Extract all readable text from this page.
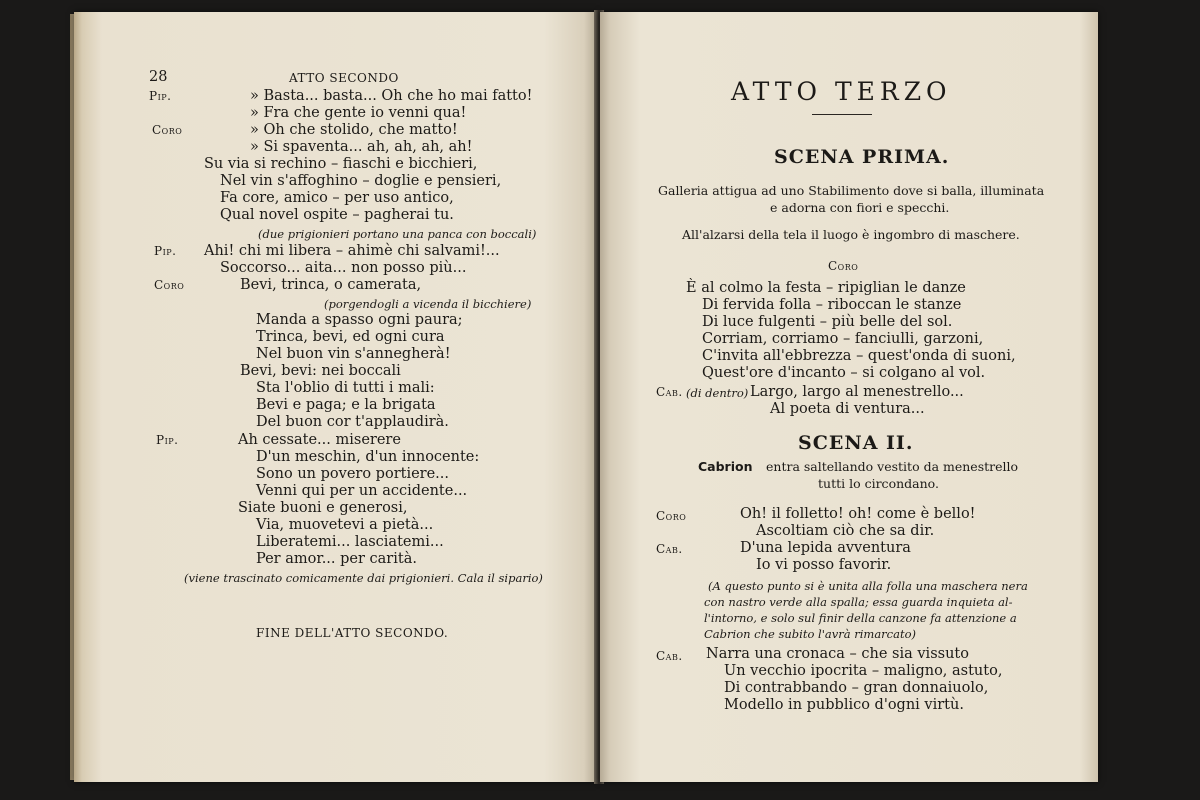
28	ATTO SECONDO
Pip.	» Basta... basta... Oh che ho mai fatto!
» Fra che gente io venni qua!
Coro	» Oh che stolido, che matto!
» Si spaventa... ah, ah, ah, ah!
Su via si rechino – fiaschi e bicchieri,
Nel vin s'affoghino – doglie e pensieri,
Fa core, amico – per uso antico,
Qual novel ospite – pagherai tu.
(due prigionieri portano una panca con boccali)
Pip. Ahi! chi mi libera – ahimè chi salvami!...
Soccorso... aita... non posso più...
Coro	Bevi, trinca, o camerata,
(porgendogli a vicenda il bicchiere)
Manda a spasso ogni paura;
Trinca, bevi, ed ogni cura
Nel buon vin s'annegherà!
Bevi, bevi: nei boccali
Sta l'oblio di tutti i mali:
Bevi e paga; e la brigata
Del buon cor t'applaudirà.
Pip.	Ah cessate... miserere
D'un meschin, d'un innocente:
Sono un povero portiere...
Venni qui per un accidente...
Siate buoni e generosi,
Via, muovetevi a pietà...
Liberatemi... lasciatemi...
Per amor... per carità.
(viene trascinato comicamente dai prigionieri. Cala il sipario)
FINE DELL'ATTO SECONDO.
ATTO TERZO
SCENA PRIMA.
Galleria attigua ad uno Stabilimento dove si balla, illuminata
e adorna con fiori e specchi.
All'alzarsi della tela il luogo è ingombro di maschere.
Coro
È al colmo la festa – ripiglian le danze
Di fervida folla – riboccan le stanze
Di luce fulgenti – più belle del sol.
Corriam, corriamo – fanciulli, garzoni,
C'invita all'ebbrezza – quest'onda di suoni,
Quest'ore d'incanto – si colgano al vol.
Cab. (di dentro) Largo, largo al menestrello...
Al poeta di ventura...
SCENA II.
Cabrion entra saltellando vestito da menestrello
tutti lo circondano.
Coro	Oh! il folletto! oh! come è bello!
Ascoltiam ciò che sa dir.
Cab.	D'una lepida avventura
Io vi posso favorir.
(A questo punto si è unita alla folla una maschera nera
con nastro verde alla spalla; essa guarda inquieta al-
l'intorno, e solo sul finir della canzone fa attenzione a
Cabrion che subito l'avrà rimarcato)
Cab. Narra una cronaca – che sia vissuto
Un vecchio ipocrita – maligno, astuto,
Di contrabbando – gran donnaiuolo,
Modello in pubblico d'ogni virtù.
